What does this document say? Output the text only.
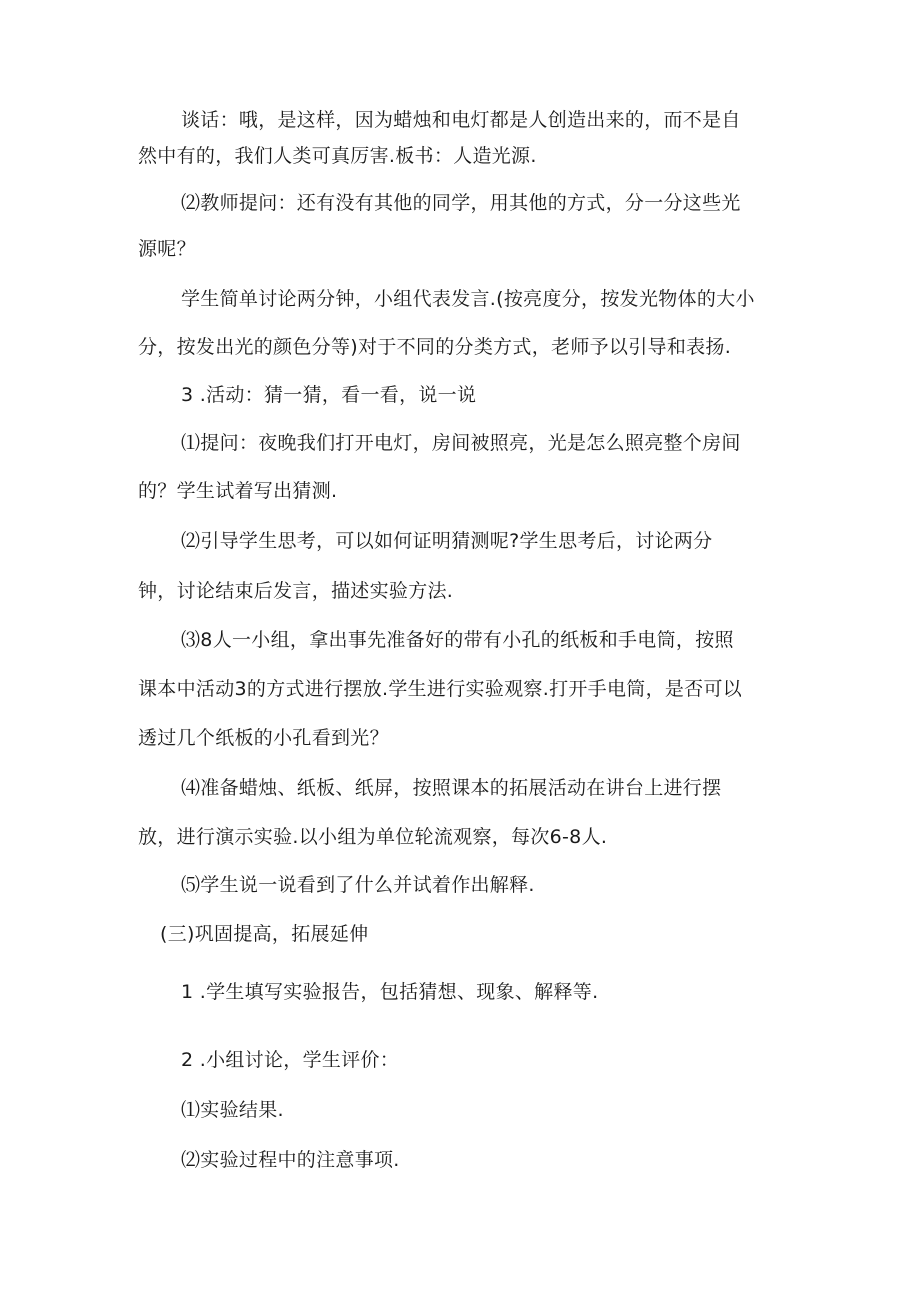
谈话：哦，是这样，因为蜡烛和电灯都是人创造出来的，而不是自
然中有的，我们人类可真厉害.板书：人造光源.
⑵教师提问：还有没有其他的同学，用其他的方式，分一分这些光
源呢？
学生简单讨论两分钟，小组代表发言.(按亮度分，按发光物体的大小
分，按发出光的颜色分等)对于不同的分类方式，老师予以引导和表扬.
3 .活动：猜一猜，看一看，说一说
⑴提问：夜晚我们打开电灯，房间被照亮，光是怎么照亮整个房间
的？学生试着写出猜测.
⑵引导学生思考，可以如何证明猜测呢?学生思考后，讨论两分
钟，讨论结束后发言，描述实验方法.
⑶8人一小组，拿出事先准备好的带有小孔的纸板和手电筒，按照
课本中活动3的方式进行摆放.学生进行实验观察.打开手电筒，是否可以
透过几个纸板的小孔看到光？
⑷准备蜡烛、纸板、纸屏，按照课本的拓展活动在讲台上进行摆
放，进行演示实验.以小组为单位轮流观察，每次6-8人.
⑸学生说一说看到了什么并试着作出解释.
(三)巩固提高，拓展延伸
1 .学生填写实验报告，包括猜想、现象、解释等.
2 .小组讨论，学生评价：
⑴实验结果.
⑵实验过程中的注意事项.
